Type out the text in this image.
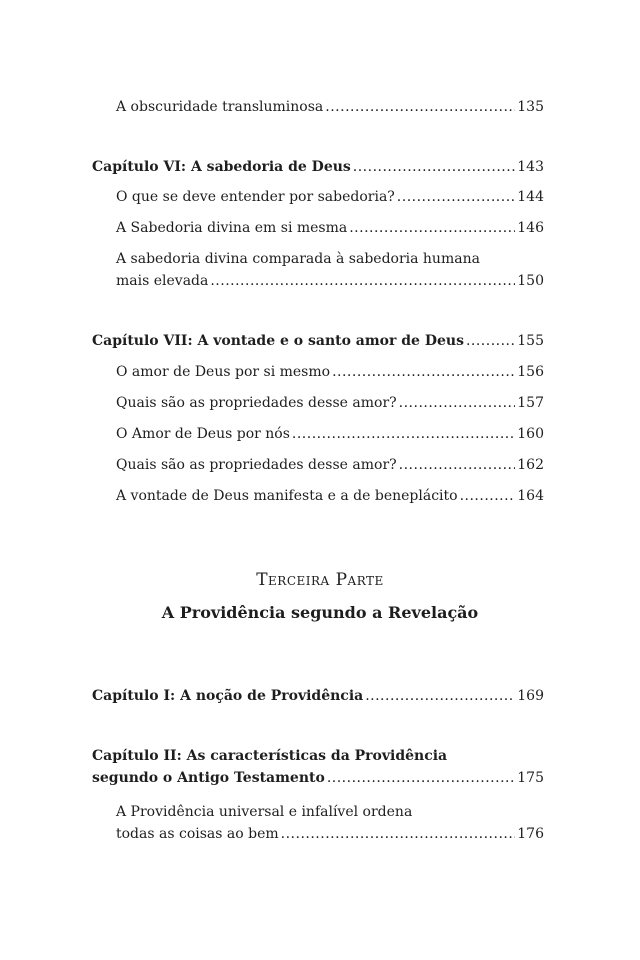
A obscuridade transluminosa .....	135
Capítulo VI: A sabedoria de Deus .....	143
O que se deve entender por sabedoria? .....	144
A Sabedoria divina em si mesma .....	146
A sabedoria divina comparada à sabedoria humana
mais elevada .....	150
Capítulo VII: A vontade e o santo amor de Deus .....	155
O amor de Deus por si mesmo .....	156
Quais são as propriedades desse amor? .....	157
O Amor de Deus por nós .....	160
Quais são as propriedades desse amor? .....	162
A vontade de Deus manifesta e a de beneplácito .....	164
Terceira Parte
A Providência segundo a Revelação
Capítulo I: A noção de Providência .....	169
Capítulo II: As características da Providência
segundo o Antigo Testamento .....	175
A Providência universal e infalível ordena
todas as coisas ao bem .....	176
